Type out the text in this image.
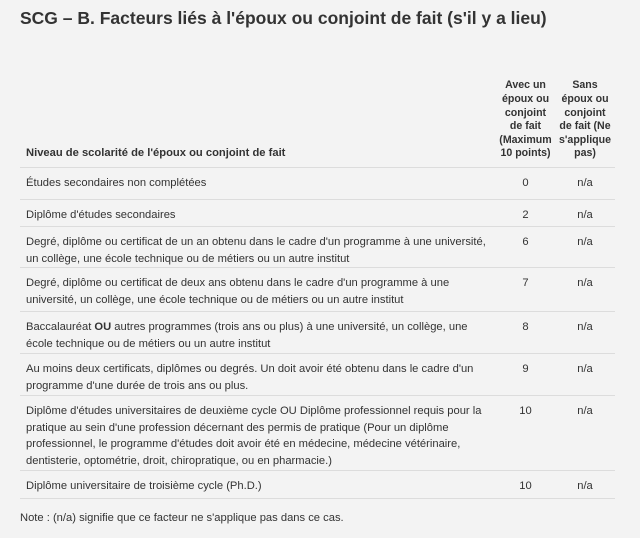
SCG – B. Facteurs liés à l'époux ou conjoint de fait (s'il y a lieu)
Niveau de scolarité de l'époux ou conjoint de fait	Avec un époux ou conjoint de fait (Maximum 10 points)	Sans époux ou conjoint de fait (Ne s'applique pas)
Études secondaires non complétées	0	n/a
Diplôme d'études secondaires	2	n/a
Degré, diplôme ou certificat de un an obtenu dans le cadre d'un programme à une université, un collège, une école technique ou de métiers ou un autre institut	6	n/a
Degré, diplôme ou certificat de deux ans obtenu dans le cadre d'un programme à une université, un collège, une école technique ou de métiers ou un autre institut	7	n/a
Baccalauréat OU autres programmes (trois ans ou plus) à une université, un collège, une école technique ou de métiers ou un autre institut	8	n/a
Au moins deux certificats, diplômes ou degrés. Un doit avoir été obtenu dans le cadre d'un programme d'une durée de trois ans ou plus.	9	n/a
Diplôme d'études universitaires de deuxième cycle OU Diplôme professionnel requis pour la pratique au sein d'une profession décernant des permis de pratique (Pour un diplôme professionnel, le programme d'études doit avoir été en médecine, médecine vétérinaire, dentisterie, optométrie, droit, chiropratique, ou en pharmacie.)	10	n/a
Diplôme universitaire de troisième cycle (Ph.D.)	10	n/a
Note : (n/a) signifie que ce facteur ne s'applique pas dans ce cas.
